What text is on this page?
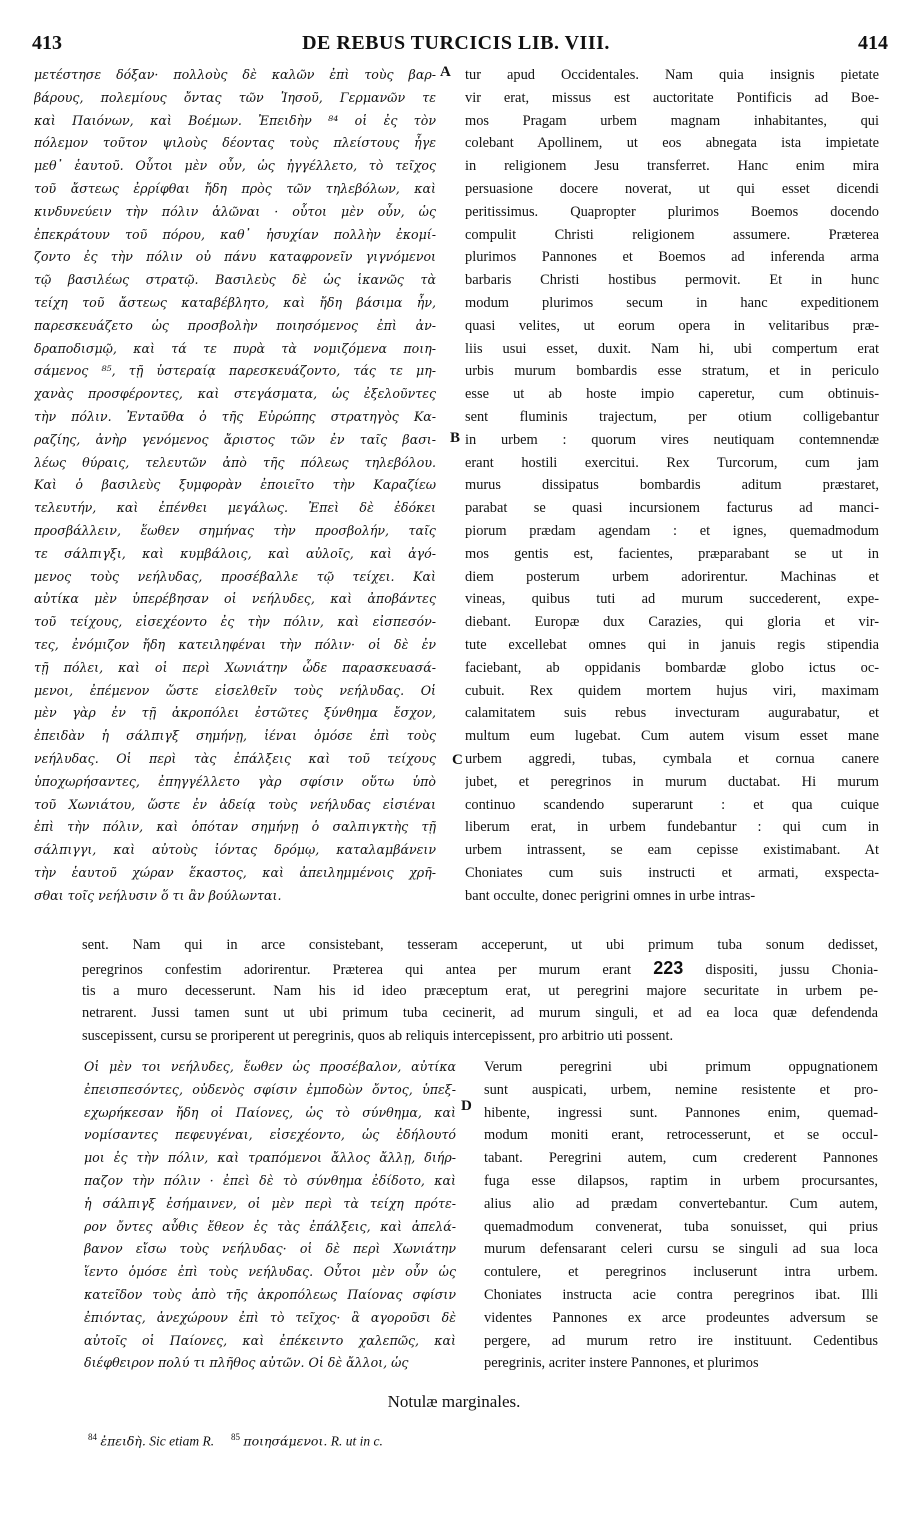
413	DE REBUS TURCICIS LIB. VIII.	414
A
B
C
D
μετέστησε δόξαν· πολλοὺς δὲ καλῶν ἐπὶ τοὺς βαρ-
βάρους, πολεμίους ὄντας τῶν Ἰησοῦ, Γερμανῶν τε
καὶ Παιόνων, καὶ Βοέμων. Ἐπειδὴν ⁸⁴ οἱ ἐς τὸν
πόλεμον τοῦτον ψιλοὺς δέοντας τοὺς πλείστους ἦγε
μεθ᾽ ἑαυτοῦ. Οὗτοι μὲν οὖν, ὡς ἠγγέλλετο, τὸ τεῖχος
τοῦ ἄστεως ἐρρίφθαι ἤδη πρὸς τῶν τηλεβόλων, καὶ
κινδυνεύειν τὴν πόλιν ἁλῶναι · οὗτοι μὲν οὖν, ὡς
ἐπεκράτουν τοῦ πόρου, καθ᾽ ἡσυχίαν πολλὴν ἐκομί-
ζοντο ἐς τὴν πόλιν οὐ πάνυ καταφρονεῖν γιγνόμενοι
τῷ βασιλέως στρατῷ. Βασιλεὺς δὲ ὡς ἱκανῶς τὰ
τείχη τοῦ ἄστεως καταβέβλητο, καὶ ἤδη βάσιμα ἦν,
παρεσκευάζετο ὡς προσβολὴν ποιησόμενος ἐπὶ ἀν-
δραποδισμῷ, καὶ τά τε πυρὰ τὰ νομιζόμενα ποιη-
σάμενος ⁸⁵, τῇ ὑστεραίᾳ παρεσκευάζοντο, τάς τε μη-
χανὰς προσφέροντες, καὶ στεγάσματα, ὡς ἐξελοῦντες
τὴν πόλιν. Ἐνταῦθα ὁ τῆς Εὐρώπης στρατηγὸς Κα-
ραζίης, ἀνὴρ γενόμενος ἄριστος τῶν ἐν ταῖς βασι-
λέως θύραις, τελευτῶν ἀπὸ τῆς πόλεως τηλεβόλου.
Καὶ ὁ βασιλεὺς ξυμφορὰν ἐποιεῖτο τὴν Καραζίεω
τελευτήν, καὶ ἐπένθει μεγάλως. Ἐπεὶ δὲ ἐδόκει
προσβάλλειν, ἕωθεν σημήνας τὴν προσβολήν, ταῖς
τε σάλπιγξι, καὶ κυμβάλοις, καὶ αὐλοῖς, καὶ ἀγό-
μενος τοὺς νεήλυδας, προσέβαλλε τῷ τείχει. Καὶ
αὐτίκα μὲν ὑπερέβησαν οἱ νεήλυδες, καὶ ἀποβάντες
τοῦ τείχους, εἰσεχέοντο ἐς τὴν πόλιν, καὶ εἰσπεσόν-
τες, ἐνόμιζον ἤδη κατειληφέναι τὴν πόλιν· οἱ δὲ ἐν
τῇ πόλει, καὶ οἱ περὶ Χωνιάτην ὧδε παρασκευασά-
μενοι, ἐπέμενον ὥστε εἰσελθεῖν τοὺς νεήλυδας. Οἱ
μὲν γὰρ ἐν τῇ ἀκροπόλει ἐστῶτες ξύνθημα ἔσχον,
ἐπειδὰν ἡ σάλπιγξ σημήνῃ, ἰέναι ὁμόσε ἐπὶ τοὺς
νεήλυδας. Οἱ περὶ τὰς ἐπάλξεις καὶ τοῦ τείχους
ὑποχωρήσαντες, ἐπηγγέλλετο γὰρ σφίσιν οὕτω ὑπὸ
τοῦ Χωνιάτου, ὥστε ἐν ἀδείᾳ τοὺς νεήλυδας εἰσιέναι
ἐπὶ τὴν πόλιν, καὶ ὁπόταν σημήνῃ ὁ σαλπιγκτὴς τῇ
σάλπιγγι, καὶ αὐτοὺς ἰόντας δρόμῳ, καταλαμβάνειν
τὴν ἑαυτοῦ χώραν ἕκαστος, καὶ ἀπειλημμένοις χρῆ-
σθαι τοῖς νεήλυσιν ὅ τι ἂν βούλωνται.
tur apud Occidentales. Nam quia insignis pietate
vir erat, missus est auctoritate Pontificis ad Boe-
mos Pragam urbem magnam inhabitantes, qui
colebant Apollinem, ut eos abnegata ista impietate
in religionem Jesu transferret. Hanc enim mira
persuasione docere noverat, ut qui esset dicendi
peritissimus. Quapropter plurimos Boemos docendo
compulit Christi religionem assumere. Præterea
plurimos Pannones et Boemos ad inferenda arma
barbaris Christi hostibus permovit. Et in hunc
modum plurimos secum in hanc expeditionem
quasi velites, ut eorum opera in velitaribus præ-
liis usui esset, duxit. Nam hi, ubi compertum erat
urbis murum bombardis esse stratum, et in periculo
esse ut ab hoste impio caperetur, cum obtinuis-
sent fluminis trajectum, per otium colligebantur
in urbem : quorum vires neutiquam contemnendæ
erant hostili exercitui. Rex Turcorum, cum jam
murus dissipatus bombardis aditum præstaret,
parabat se quasi incursionem facturus ad manci-
piorum prædam agendam : et ignes, quemadmodum
mos gentis est, facientes, præparabant se ut in
diem posterum urbem adorirentur. Machinas et
vineas, quibus tuti ad murum succederent, expe-
diebant. Europæ dux Carazies, qui gloria et vir-
tute excellebat omnes qui in januis regis stipendia
faciebant, ab oppidanis bombardæ globo ictus oc-
cubuit. Rex quidem mortem hujus viri, maximam
calamitatem suis rebus invecturam augurabatur, et
multum eum lugebat. Cum autem visum esset mane
urbem aggredi, tubas, cymbala et cornua canere
jubet, et peregrinos in murum ductabat. Hi murum
continuo scandendo superarunt : et qua cuique
liberum erat, in urbem fundebantur : qui cum in
urbem intrassent, se eam cepisse existimabant. At
Choniates cum suis instructi et armati, exspecta-
bant occulte, donec perigrini omnes in urbe intras-
sent. Nam qui in arce consistebant, tesseram acceperunt, ut ubi primum tuba sonum dedisset,
peregrinos confestim adorirentur. Præterea qui antea per murum erant 223 dispositi, jussu Chonia-
tis a muro decesserunt. Nam his id ideo præceptum erat, ut peregrini majore securitate in urbem pe-
netrarent. Jussi tamen sunt ut ubi primum tuba cecinerit, ad murum singuli, et ad ea loca quæ defendenda
suscepissent, cursu se proriperent ut peregrinis, quos ab reliquis intercepissent, pro arbitrio uti possent.
Οἱ μὲν τοι νεήλυδες, ἕωθεν ὡς προσέβαλον, αὐτίκα
ἐπεισπεσόντες, οὐδενὸς σφίσιν ἐμποδὼν ὄντος, ὑπεξ-
εχωρήκεσαν ἤδη οἱ Παίονες, ὡς τὸ σύνθημα, καὶ
νομίσαντες πεφευγέναι, εἰσεχέοντο, ὡς ἐδήλουτό
μοι ἐς τὴν πόλιν, καὶ τραπόμενοι ἄλλος ἄλλῃ, διήρ-
παζον τὴν πόλιν · ἐπεὶ δὲ τὸ σύνθημα ἐδίδοτο, καὶ
ἡ σάλπιγξ ἐσήμαινεν, οἱ μὲν περὶ τὰ τείχη πρότε-
ρον ὄντες αὖθις ἔθεον ἐς τὰς ἐπάλξεις, καὶ ἀπελά-
βανον εἴσω τοὺς νεήλυδας· οἱ δὲ περὶ Χωνιάτην
ἵεντο ὁμόσε ἐπὶ τοὺς νεήλυδας. Οὗτοι μὲν οὖν ὡς
κατεῖδον τοὺς ἀπὸ τῆς ἀκροπόλεως Παίονας σφίσιν
ἐπιόντας, ἀνεχώρουν ἐπὶ τὸ τεῖχος· ἃ αγοροῦσι δὲ
αὐτοῖς οἱ Παίονες, καὶ ἐπέκειντο χαλεπῶς, καὶ
διέφθειρον πολύ τι πλῆθος αὐτῶν. Οἱ δὲ ἄλλοι, ὡς
Verum peregrini ubi primum oppugnationem
sunt auspicati, urbem, nemine resistente et pro-
hibente, ingressi sunt. Pannones enim, quemad-
modum moniti erant, retrocesserunt, et se occul-
tabant. Peregrini autem, cum crederent Pannones
fuga esse dilapsos, raptim in urbem procursantes,
alius alio ad prædam convertebantur. Cum autem,
quemadmodum convenerat, tuba sonuisset, qui prius
murum defensarant celeri cursu se singuli ad sua loca
contulere, et peregrinos incluserunt intra urbem.
Choniates instructa acie contra peregrinos ibat. Illi
videntes Pannones ex arce prodeuntes adversum se
pergere, ad murum retro ire instituunt. Cedentibus
peregrinis, acriter instere Pannones, et plurimos
Notulæ marginales.
$^{84}$ ἐπειδὴ. Sic etiam R. $^{85}$ ποιησάμενοι. R. ut in c.
